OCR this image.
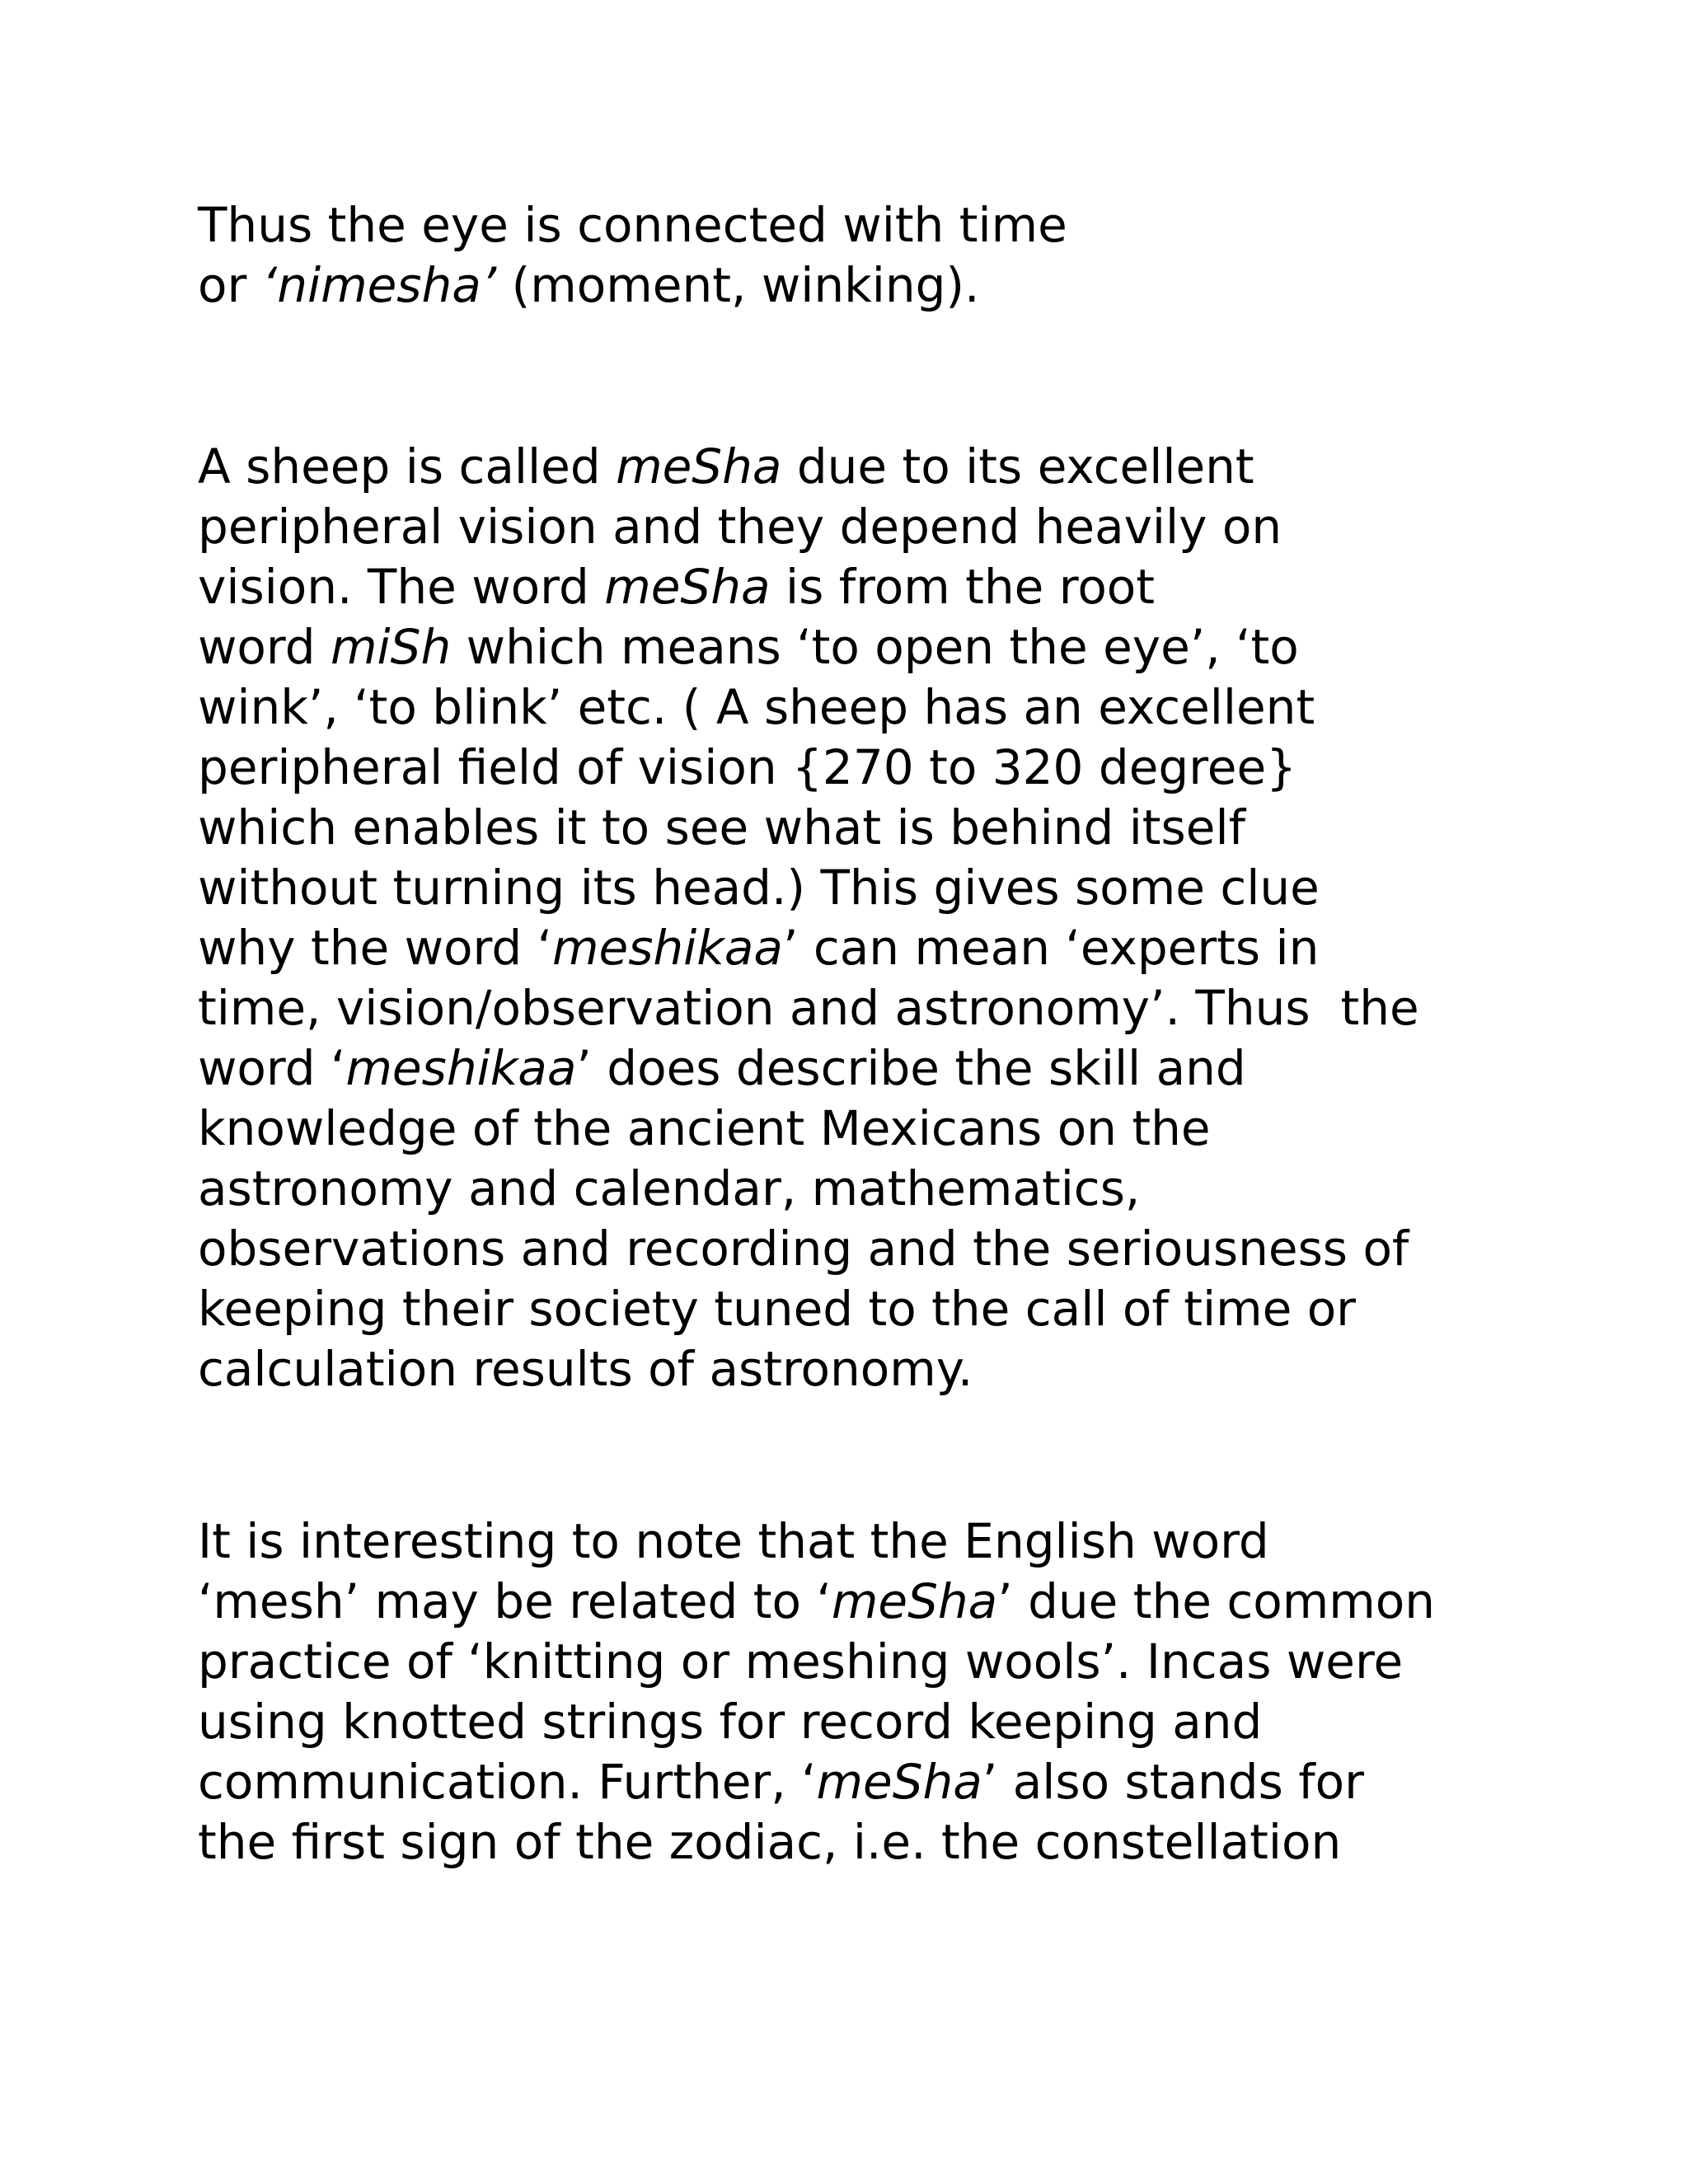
Thus the eye is connected with time
or ‘nimesha’ (moment, winking).

A sheep is called meSha due to its excellent
peripheral vision and they depend heavily on
vision. The word meSha is from the root
word miSh which means ‘to open the eye’, ‘to
wink’, ‘to blink’ etc. ( A sheep has an excellent
peripheral field of vision {270 to 320 degree}
which enables it to see what is behind itself
without turning its head.) This gives some clue
why the word ‘meshikaa’ can mean ‘experts in
time, vision/observation and astronomy’. Thus  the
word ‘meshikaa’ does describe the skill and
knowledge of the ancient Mexicans on the
astronomy and calendar, mathematics,
observations and recording and the seriousness of
keeping their society tuned to the call of time or
calculation results of astronomy.

It is interesting to note that the English word
‘mesh’ may be related to ‘meSha’ due the common
practice of ‘knitting or meshing wools’. Incas were
using knotted strings for record keeping and
communication. Further, ‘meSha’ also stands for
the first sign of the zodiac, i.e. the constellation
